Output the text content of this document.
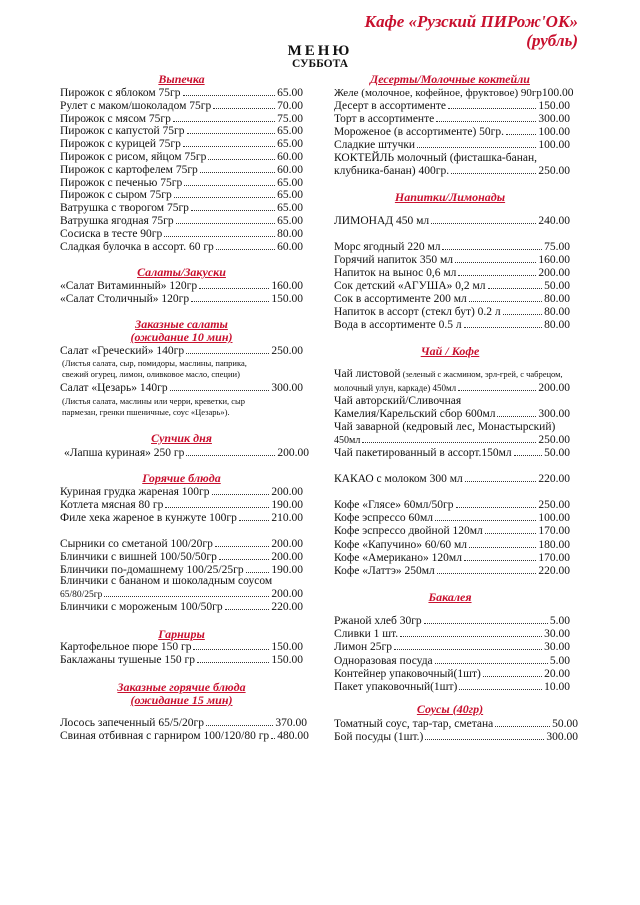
Кафе «Рузский ПИРож'ОК»
(рубль)
МЕНЮ
СУББОТА
Выпечка
Пирожок с яблоком 75гр	65.00
Рулет с маком/шоколадом 75гр	70.00
Пирожок с мясом 75гр	75.00
Пирожок с капустой 75гр	65.00
Пирожок с курицей 75гр	65.00
Пирожок с рисом, яйцом 75гр	60.00
Пирожок с картофелем 75гр	60.00
Пирожок с печенью 75гр	65.00
Пирожок с сыром 75гр	65.00
Ватрушка с творогом 75гр	65.00
Ватрушка ягодная 75гр	65.00
Сосиска в тесте 90гр	80.00
Сладкая булочка в ассорт. 60 гр	60.00
Салаты/Закуски
«Салат Витаминный» 120гр	160.00
«Салат Столичный» 120гр	150.00
Заказные салаты
(ожидание 10 мин)
Салат «Греческий» 140гр	250.00
(Листья салата, сыр, помидоры, маслины, паприка,
свежий огурец, лимон, оливковое масло, специи)
Салат «Цезарь» 140гр	300.00
(Листья салата, маслины или черри, креветки, сыр
пармезан, гренки пшеничные, соус «Цезарь»).
Супчик дня
«Лапша куриная» 250 гр	200.00
Горячие блюда
Куриная грудка жареная 100гр	200.00
Котлета мясная 80 гр	190.00
Филе хека жареное в кунжуте 100гр	210.00
Сырники со сметаной 100/20гр	200.00
Блинчики с вишней 100/50/50гр	200.00
Блинчики по-домашнему 100/25/25гр 190.00
Блинчики с бананом и шоколадным соусом
65/80/25гр	200.00
Блинчики с мороженым 100/50гр	220.00
Гарниры
Картофельное пюре 150 гр	150.00
Баклажаны тушеные 150 гр	150.00
Заказные горячие блюда
(ожидание 15 мин)
Лосось запеченный 65/5/20гр	370.00
Свиная отбивная с гарниром 100/120/80 гр 480.00
Десерты/Молочные коктейли
Желе (молочное, кофейное, фруктовое) 90гр 100.00
Десерт в ассортименте	150.00
Торт в ассортименте	300.00
Мороженое (в ассортименте) 50гр.	100.00
Сладкие штучки	100.00
КОКТЕЙЛЬ молочный (фисташка-банан,
клубника-банан) 400гр.	250.00
Напитки/Лимонады
ЛИМОНАД 450 мл	240.00
Морс ягодный 220 мл	75.00
Горячий напиток 350 мл	160.00
Напиток на вынос 0,6 мл	200.00
Сок детский «АГУША» 0,2 мл	50.00
Сок в ассортименте 200 мл	80.00
Напиток в ассорт (стекл бут) 0.2 л	80.00
Вода в ассортименте 0.5 л	80.00
Чай / Кофе
Чай листовой (зеленый с жасмином, эрл-грей, с чабрецом,
молочный улун, каркаде) 450мл	200.00
Чай авторский/Сливочная
Камелия/Карельский сбор 600мл	300.00
Чай заварной (кедровый лес, Монастырский)
450мл	250.00
Чай пакетированный в ассорт.150мл	50.00
КАКАО с молоком 300 мл	220.00
Кофе «Глясе» 60мл/50гр	250.00
Кофе эспрессо 60мл	100.00
Кофе эспрессо двойной 120мл	170.00
Кофе «Капучино» 60/60 мл	180.00
Кофе «Американо» 120мл	170.00
Кофе «Латтэ» 250мл	220.00
Бакалея
Ржаной хлеб 30гр	5.00
Сливки 1 шт.	30.00
Лимон 25гр	30.00
Одноразовая посуда	5.00
Контейнер упаковочный(1шт)	20.00
Пакет упаковочный(1шт)	10.00
Соусы (40гр)
Томатный соус, тар-тар, сметана	50.00
Бой посуды (1шт.)	300.00
